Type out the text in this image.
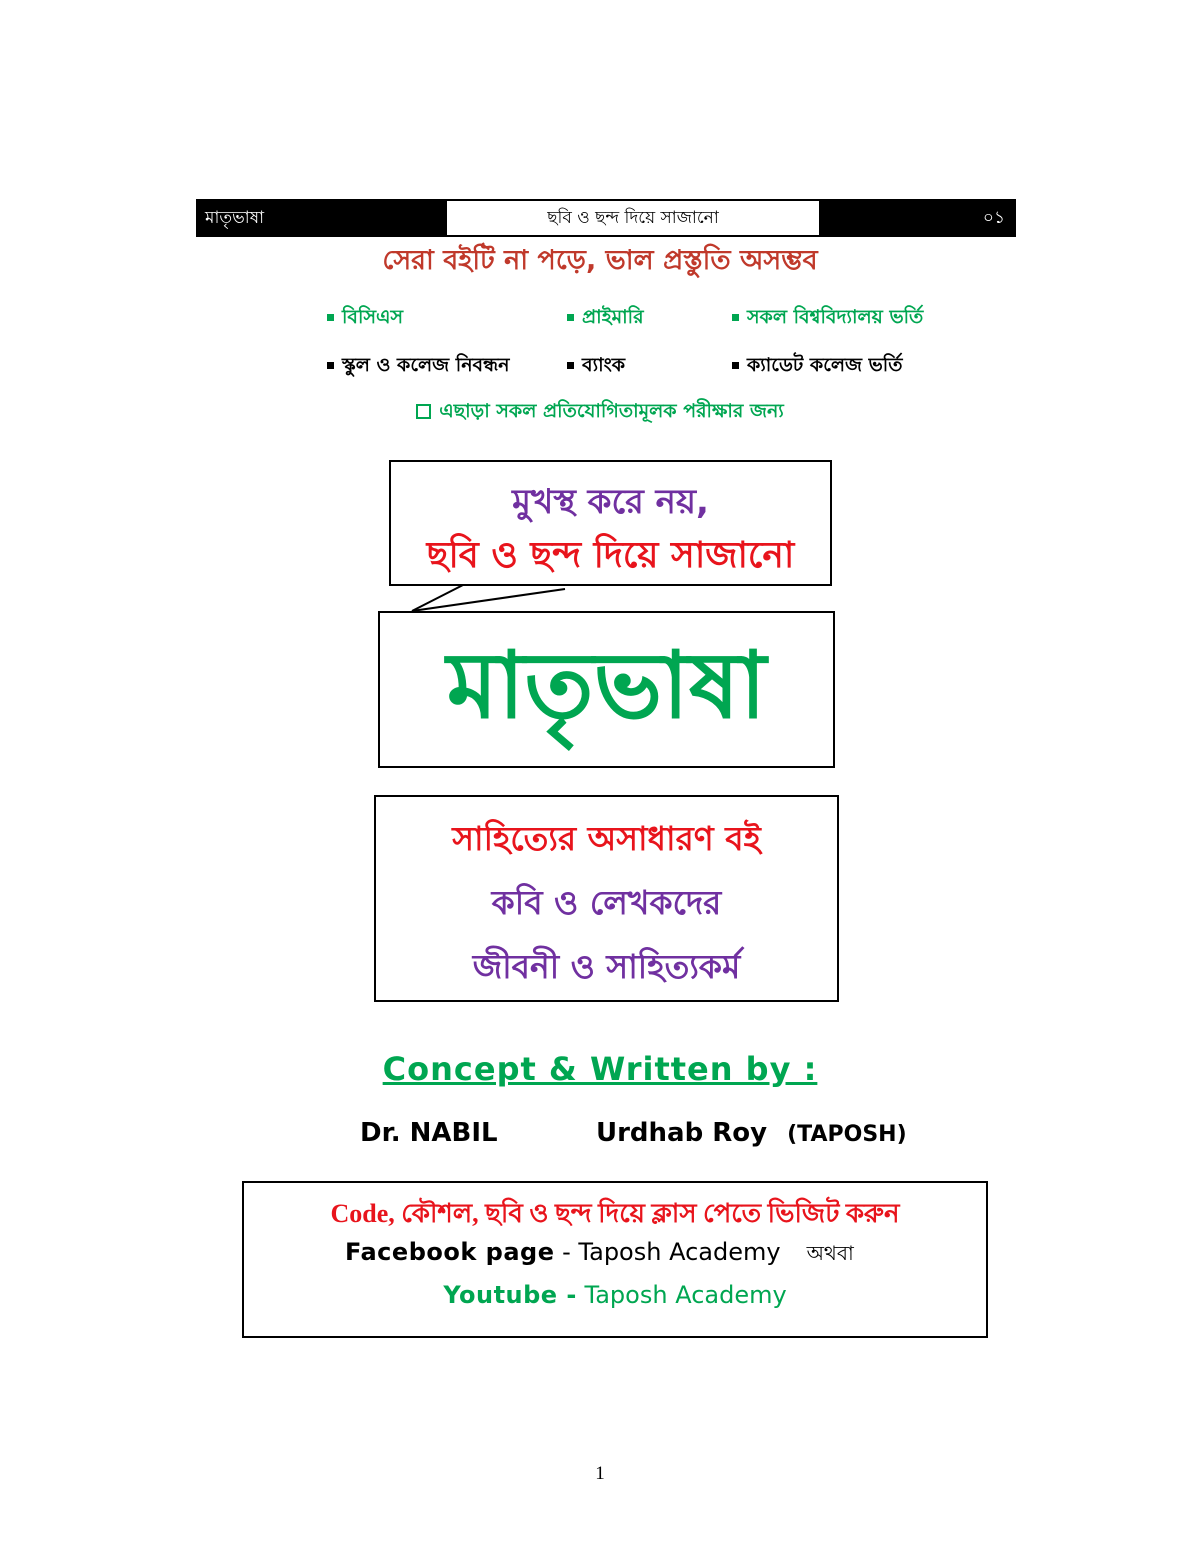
মাতৃভাষা	ছবি ও ছন্দ দিয়ে সাজানো	০১
সেরা বইটি না পড়ে, ভাল প্রস্তুতি অসম্ভব
বিসিএস	প্রাইমারি	সকল বিশ্ববিদ্যালয় ভর্তি
স্কুল ও কলেজ নিবন্ধন	ব্যাংক	ক্যাডেট কলেজ ভর্তি
এছাড়া সকল প্রতিযোগিতামূলক পরীক্ষার জন্য
মুখস্থ করে নয়,
ছবি ও ছন্দ দিয়ে সাজানো
মাতৃভাষা
সাহিত্যের অসাধারণ বই
কবি ও লেখকদের
জীবনী ও সাহিত্যকর্ম
Concept & Written by :
Dr. NABIL	Urdhab Roy (TAPOSH)
Code, কৌশল, ছবি ও ছন্দ দিয়ে ক্লাস পেতে ভিজিট করুন
Facebook page - Taposh Academy অথবা
Youtube - Taposh Academy
1
